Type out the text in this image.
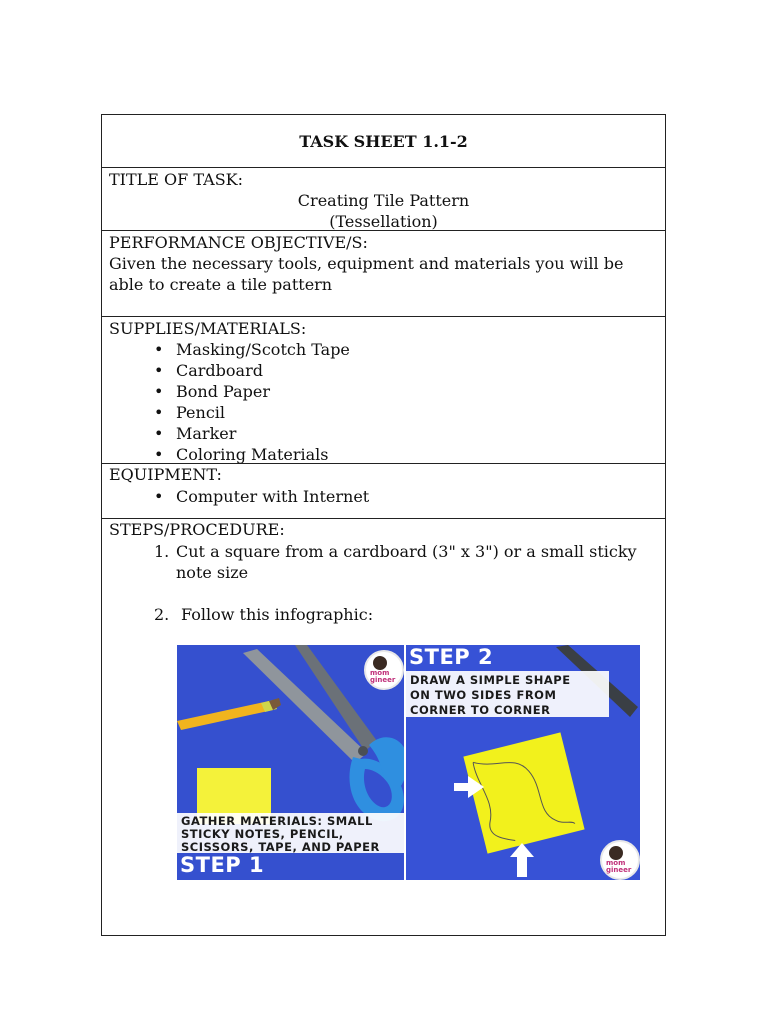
TASK SHEET 1.1-2
TITLE OF TASK:
Creating Tile Pattern
(Tessellation)
PERFORMANCE OBJECTIVE/S:
Given the necessary tools, equipment and materials you will be
able to create a tile pattern
SUPPLIES/MATERIALS:
• Masking/Scotch Tape
• Cardboard
• Bond Paper
• Pencil
• Marker
• Coloring Materials
EQUIPMENT:
• Computer with Internet
STEPS/PROCEDURE:
1. Cut a square from a cardboard (3" x 3") or a small sticky
note size
2. Follow this infographic:
GATHER MATERIALS: SMALL
STICKY NOTES, PENCIL,
SCISSORS, TAPE, AND PAPER
STEP 1
mom
gineer
STEP 2
DRAW A SIMPLE SHAPE
ON TWO SIDES FROM
CORNER TO CORNER
mom
gineer
